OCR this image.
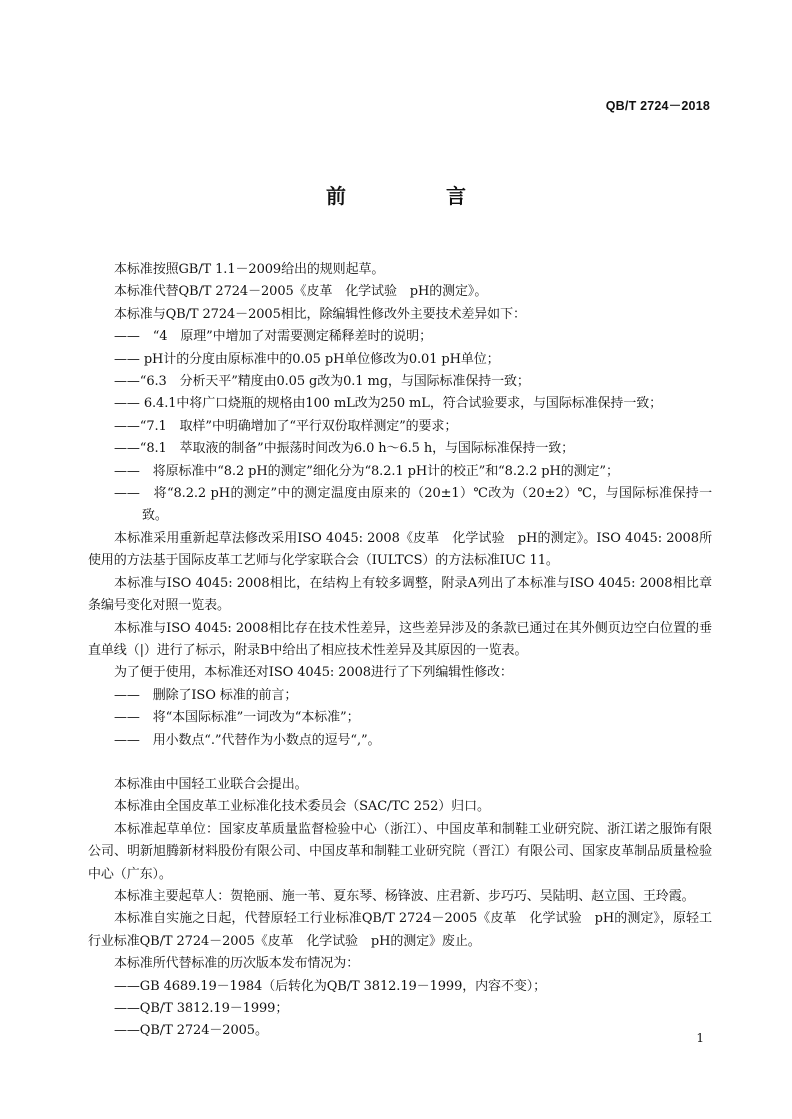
QB/T 2724－2018
前　言

本标准按照GB/T 1.1－2009给出的规则起草。

本标准代替QB/T 2724－2005《皮革　化学试验　pH的测定》。

本标准与QB/T 2724－2005相比，除编辑性修改外主要技术差异如下：

——　“4　原理”中增加了对需要测定稀释差时的说明；

—— pH计的分度由原标准中的0.05 pH单位修改为0.01 pH单位；

——“6.3　分析天平”精度由0.05 g改为0.1 mg，与国际标准保持一致；

—— 6.4.1中将广口烧瓶的规格由100 mL改为250 mL，符合试验要求，与国际标准保持一致；

——“7.1　取样”中明确增加了“平行双份取样测定”的要求；

——“8.1　萃取液的制备”中振荡时间改为6.0 h～6.5 h，与国际标准保持一致；

——　将原标准中“8.2 pH的测定”细化分为“8.2.1 pH计的校正”和“8.2.2 pH的测定”；

——　将“8.2.2 pH的测定”中的测定温度由原来的（20±1）℃改为（20±2）℃，与国际标准保持一致。

本标准采用重新起草法修改采用ISO 4045: 2008《皮革　化学试验　pH的测定》。ISO 4045: 2008所使用的方法基于国际皮革工艺师与化学家联合会（IULTCS）的方法标准IUC 11。

本标准与ISO 4045: 2008相比，在结构上有较多调整，附录A列出了本标准与ISO 4045: 2008相比章条编号变化对照一览表。

本标准与ISO 4045: 2008相比存在技术性差异，这些差异涉及的条款已通过在其外侧页边空白位置的垂直单线（|）进行了标示，附录B中给出了相应技术性差异及其原因的一览表。

为了便于使用，本标准还对ISO 4045: 2008进行了下列编辑性修改：

——　删除了ISO 标准的前言；

——　将“本国际标准”一词改为“本标准”；

——　用小数点“.”代替作为小数点的逗号“,”。

本标准由中国轻工业联合会提出。

本标准由全国皮革工业标准化技术委员会（SAC/TC 252）归口。

本标准起草单位：国家皮革质量监督检验中心（浙江）、中国皮革和制鞋工业研究院、浙江诺之服饰有限公司、明新旭腾新材料股份有限公司、中国皮革和制鞋工业研究院（晋江）有限公司、国家皮革制品质量检验中心（广东）。

本标准主要起草人：贺艳丽、施一苇、夏东琴、杨锋波、庄君新、步巧巧、吴陆明、赵立国、王玲霞。

本标准自实施之日起，代替原轻工行业标准QB/T 2724－2005《皮革　化学试验　pH的测定》，原轻工行业标准QB/T 2724－2005《皮革　化学试验　pH的测定》废止。

本标准所代替标准的历次版本发布情况为：

——GB 4689.19－1984（后转化为QB/T 3812.19－1999，内容不变）；

——QB/T 3812.19－1999；

——QB/T 2724－2005。	1
